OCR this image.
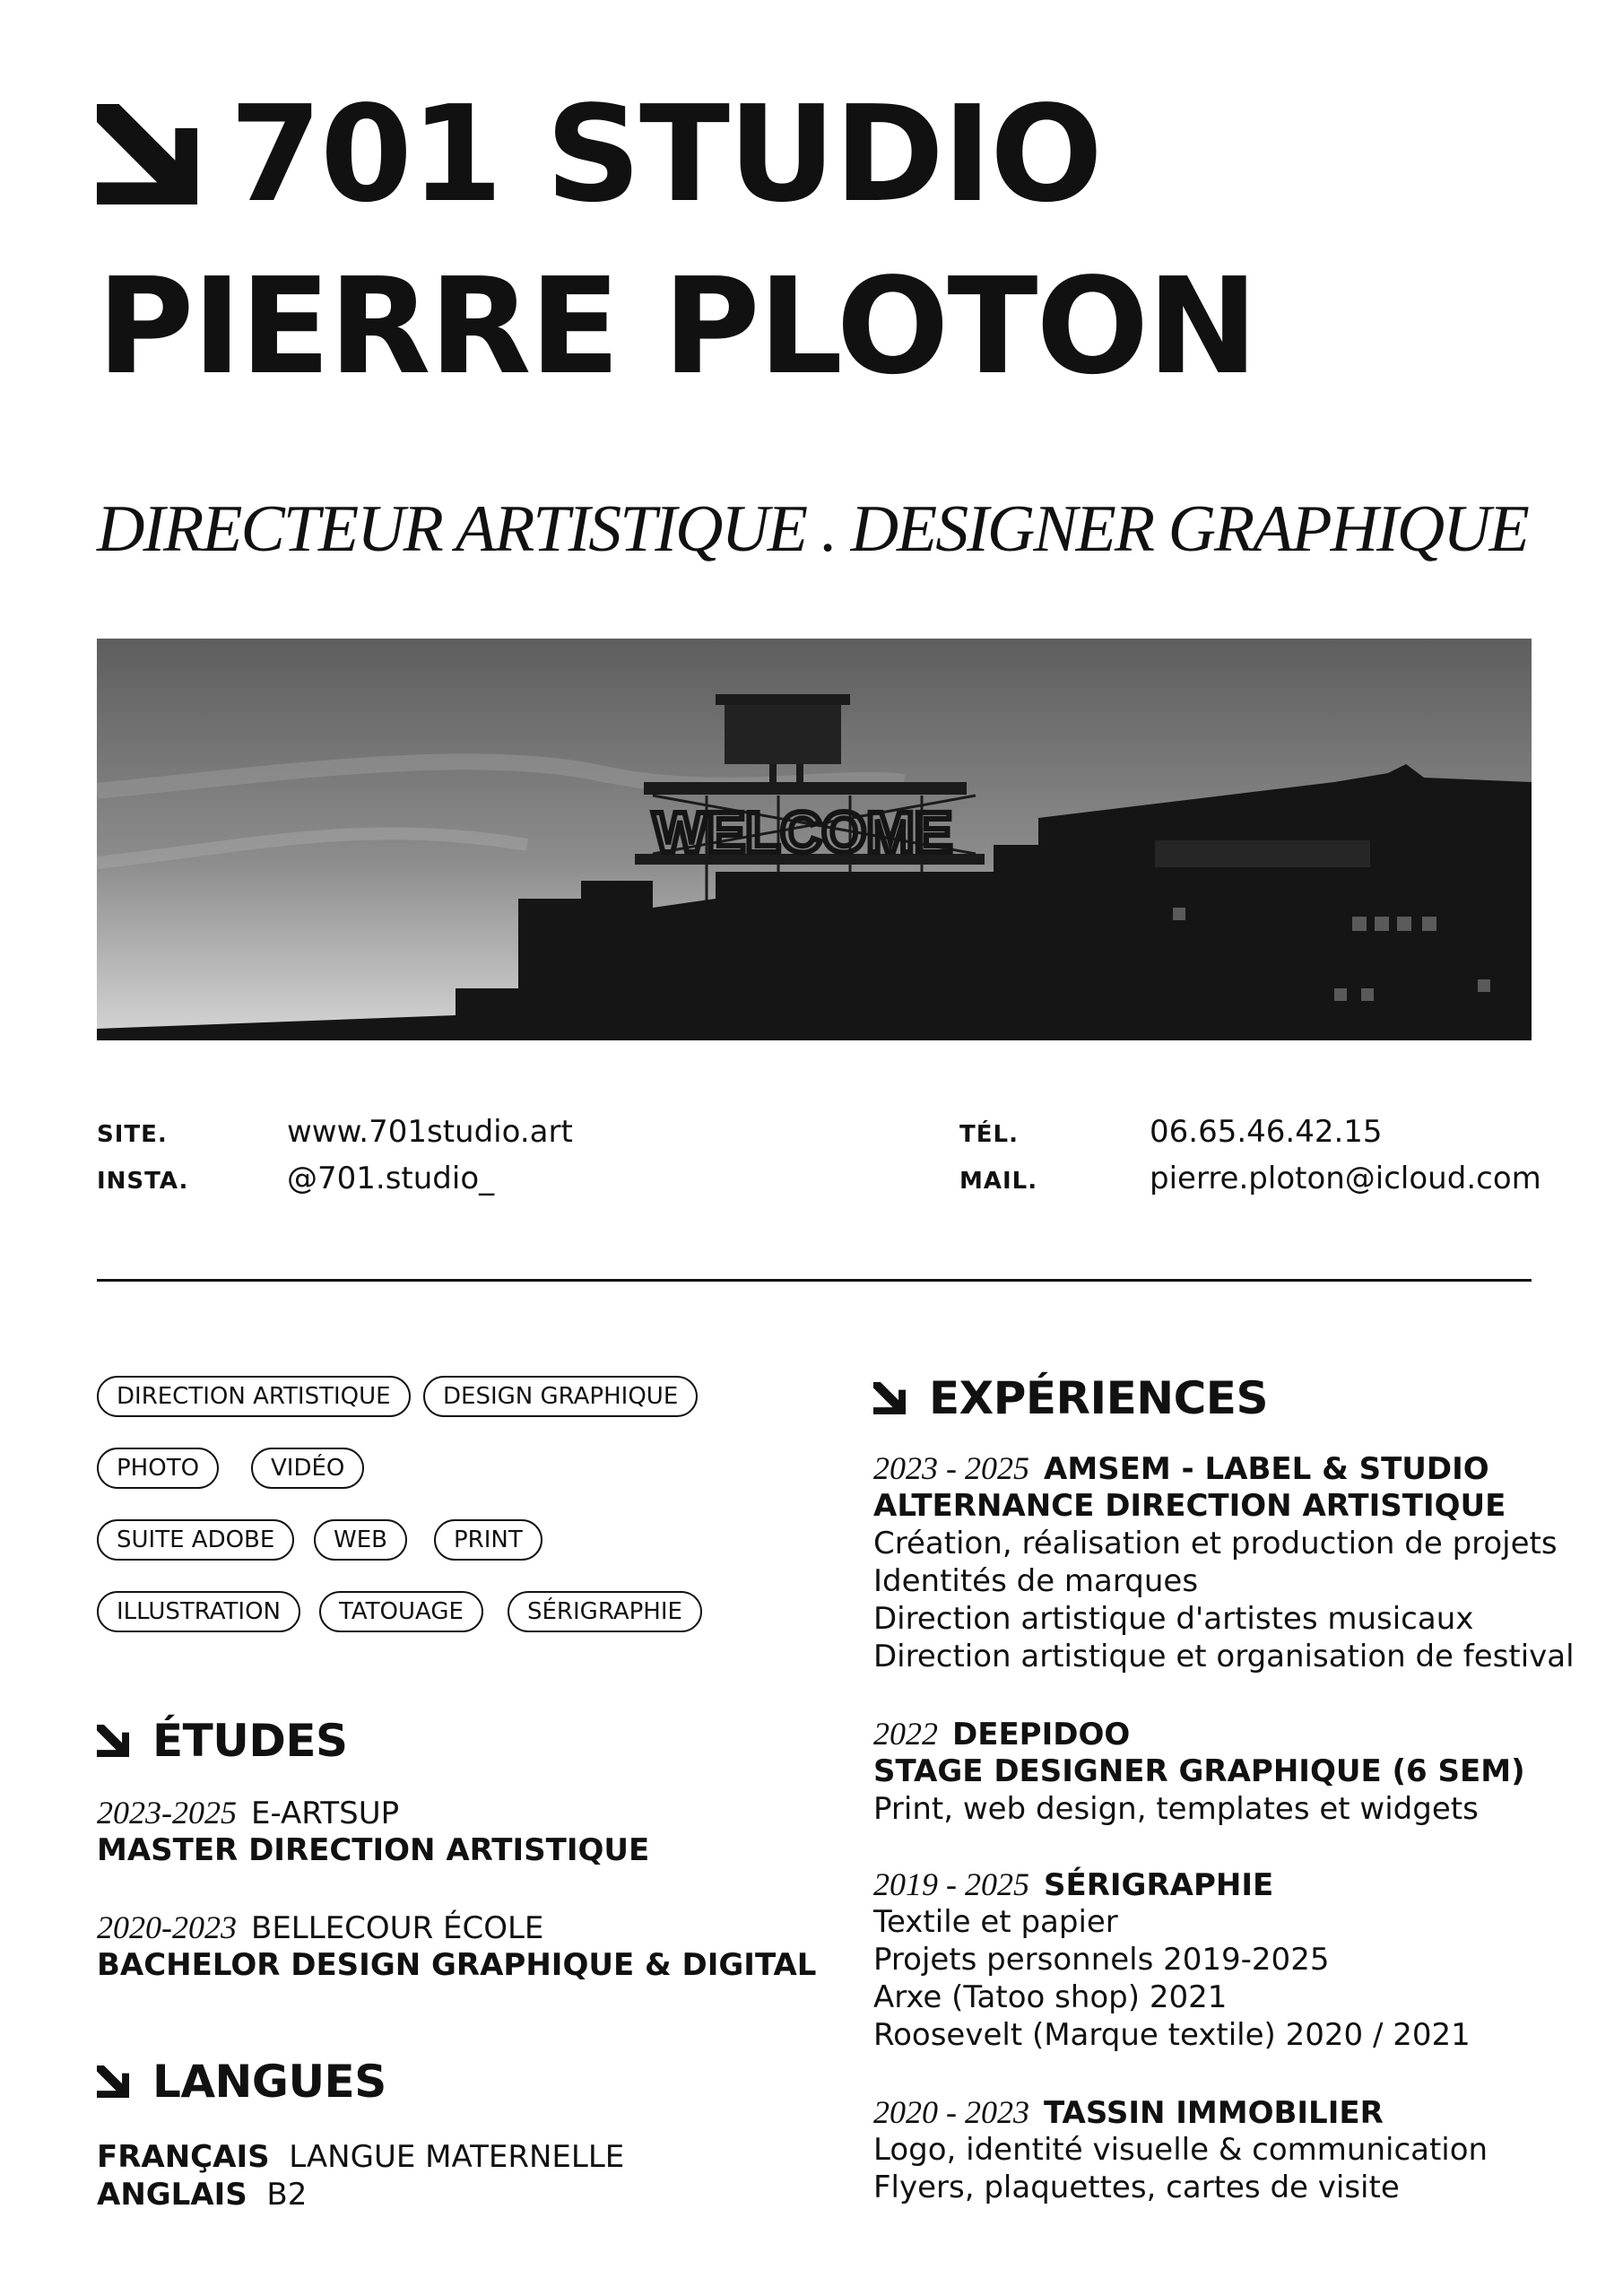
701 STUDIO
PIERRE PLOTON
DIRECTEUR ARTISTIQUE . DESIGNER GRAPHIQUE
WELCOME
SITE.	www.701studio.art
INSTA.	@701.studio_
TÉL.	06.65.46.42.15
MAIL.	pierre.ploton@icloud.com
DIRECTION ARTISTIQUE	DESIGN GRAPHIQUE
PHOTO	VIDÉO
SUITE ADOBE	WEB	PRINT
ILLUSTRATION	TATOUAGE	SÉRIGRAPHIE
ÉTUDES
2023-2025 E-ARTSUP
MASTER DIRECTION ARTISTIQUE
2020-2023 BELLECOUR ÉCOLE
BACHELOR DESIGN GRAPHIQUE & DIGITAL
LANGUES
FRANÇAIS LANGUE MATERNELLE
ANGLAIS B2
EXPÉRIENCES
2023 - 2025 AMSEM - LABEL & STUDIO
ALTERNANCE DIRECTION ARTISTIQUE
Création, réalisation et production de projets
Identités de marques
Direction artistique d'artistes musicaux
Direction artistique et organisation de festival
2022 DEEPIDOO
STAGE DESIGNER GRAPHIQUE (6 SEM)
Print, web design, templates et widgets
2019 - 2025 SÉRIGRAPHIE
Textile et papier
Projets personnels 2019-2025
Arxe (Tatoo shop) 2021
Roosevelt (Marque textile) 2020 / 2021
2020 - 2023 TASSIN IMMOBILIER
Logo, identité visuelle & communication
Flyers, plaquettes, cartes de visite
